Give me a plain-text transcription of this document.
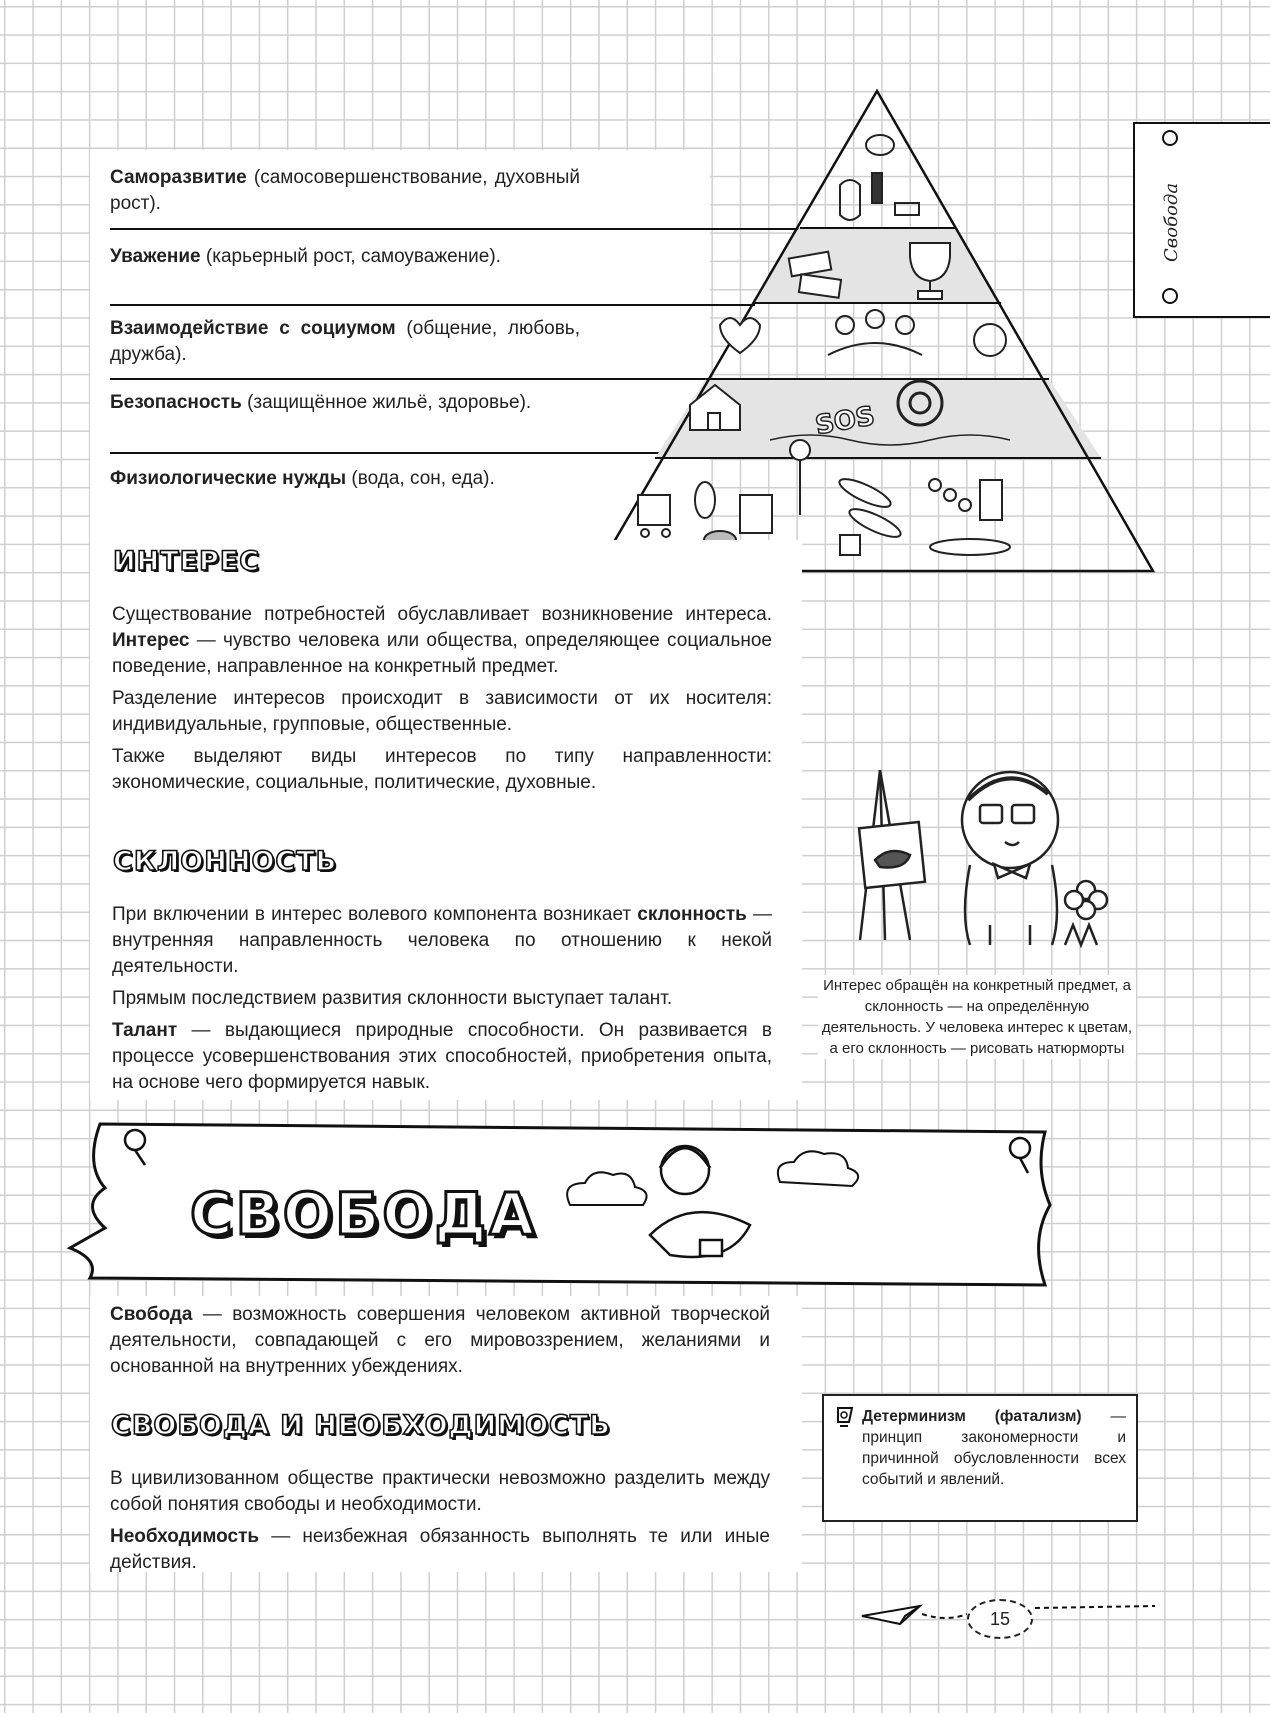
Саморазвитие (самосовершенствование, духовный рост).
Уважение (карьерный рост, самоуважение).
Взаимодействие с социумом (общение, любовь, дружба).
Безопасность (защищённое жильё, здоровье).
Физиологические нужды (вода, сон, еда).
SOS
Свобода
ИНТЕРЕС

Существование потребностей обуславливает возникновение интереса. Интерес — чувство человека или общества, определяющее социальное поведение, направленное на конкретный предмет.

Разделение интересов происходит в зависимости от их носителя: индивидуальные, групповые, общественные.

Также выделяют виды интересов по типу направленности: экономические, социальные, политические, духовные.

СКЛОННОСТЬ

При включении в интерес волевого компонента возникает склонность — внутренняя направленность человека по отношению к некой деятельности.

Прямым последствием развития склонности выступает талант.

Талант — выдающиеся природные способности. Он развивается в процессе усовершенствования этих способностей, приобретения опыта, на основе чего формируется навык.

Интерес обращён на конкретный предмет, а склонность — на определённую деятельность. У человека интерес к цветам, а его склонность — рисовать натюрморты
СВОБОДА

Свобода — возможность совершения человеком активной творческой деятельности, совпадающей с его мировоззрением, желаниями и основанной на внутренних убеждениях.

СВОБОДА И НЕОБХОДИМОСТЬ

В цивилизованном обществе практически невозможно разделить между собой понятия свободы и необходимости.

Необходимость — неизбежная обязанность выполнять те или иные действия.

Детерминизм (фатализм) — принцип закономерности и причинной обусловленности всех событий и явлений.
15
